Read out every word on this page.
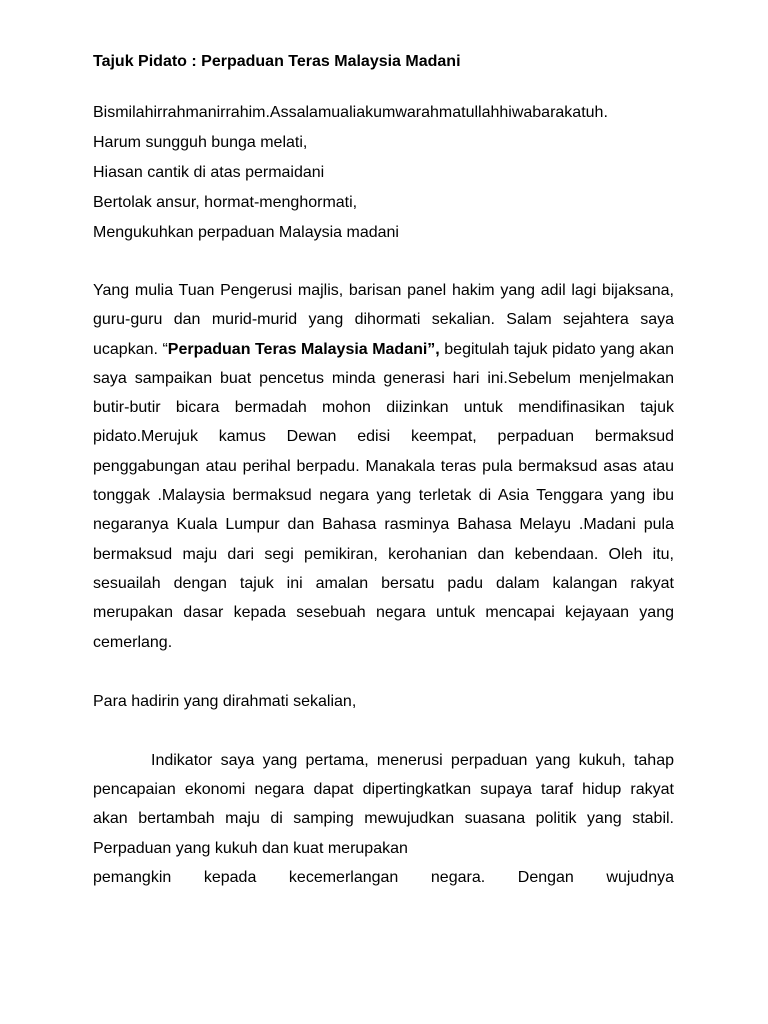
Tajuk Pidato : Perpaduan Teras Malaysia Madani
Bismilahirrahmanirrahim.Assalamualiakumwarahmatullahhiwabarakatuh.
Harum sungguh bunga melati,
Hiasan cantik di atas permaidani
Bertolak ansur, hormat-menghormati,
Mengukuhkan perpaduan Malaysia madani

Yang mulia Tuan Pengerusi majlis, barisan panel hakim yang adil lagi bijaksana, guru-guru dan murid-murid yang dihormati sekalian. Salam sejahtera saya ucapkan. “Perpaduan Teras Malaysia Madani”, begitulah tajuk pidato yang akan saya sampaikan buat pencetus minda generasi hari ini.Sebelum menjelmakan butir-butir bicara bermadah mohon diizinkan untuk mendifinasikan tajuk pidato.Merujuk kamus Dewan edisi keempat, perpaduan bermaksud penggabungan atau perihal berpadu. Manakala teras pula bermaksud asas atau tonggak .Malaysia bermaksud negara yang terletak di Asia Tenggara yang ibu negaranya Kuala Lumpur dan Bahasa rasminya Bahasa Melayu .Madani pula bermaksud maju dari segi pemikiran, kerohanian dan kebendaan. Oleh itu, sesuailah dengan tajuk ini amalan bersatu padu dalam kalangan rakyat merupakan dasar kepada sesebuah negara untuk mencapai kejayaan yang cemerlang.

Para hadirin yang dirahmati sekalian,

Indikator saya yang pertama, menerusi perpaduan yang kukuh, tahap pencapaian ekonomi negara dapat dipertingkatkan supaya taraf hidup rakyat akan bertambah maju di samping mewujudkan suasana politik yang stabil. Perpaduan yang kukuh dan kuat merupakan

pemangkin kepada kecemerlangan negara. Dengan wujudnya
